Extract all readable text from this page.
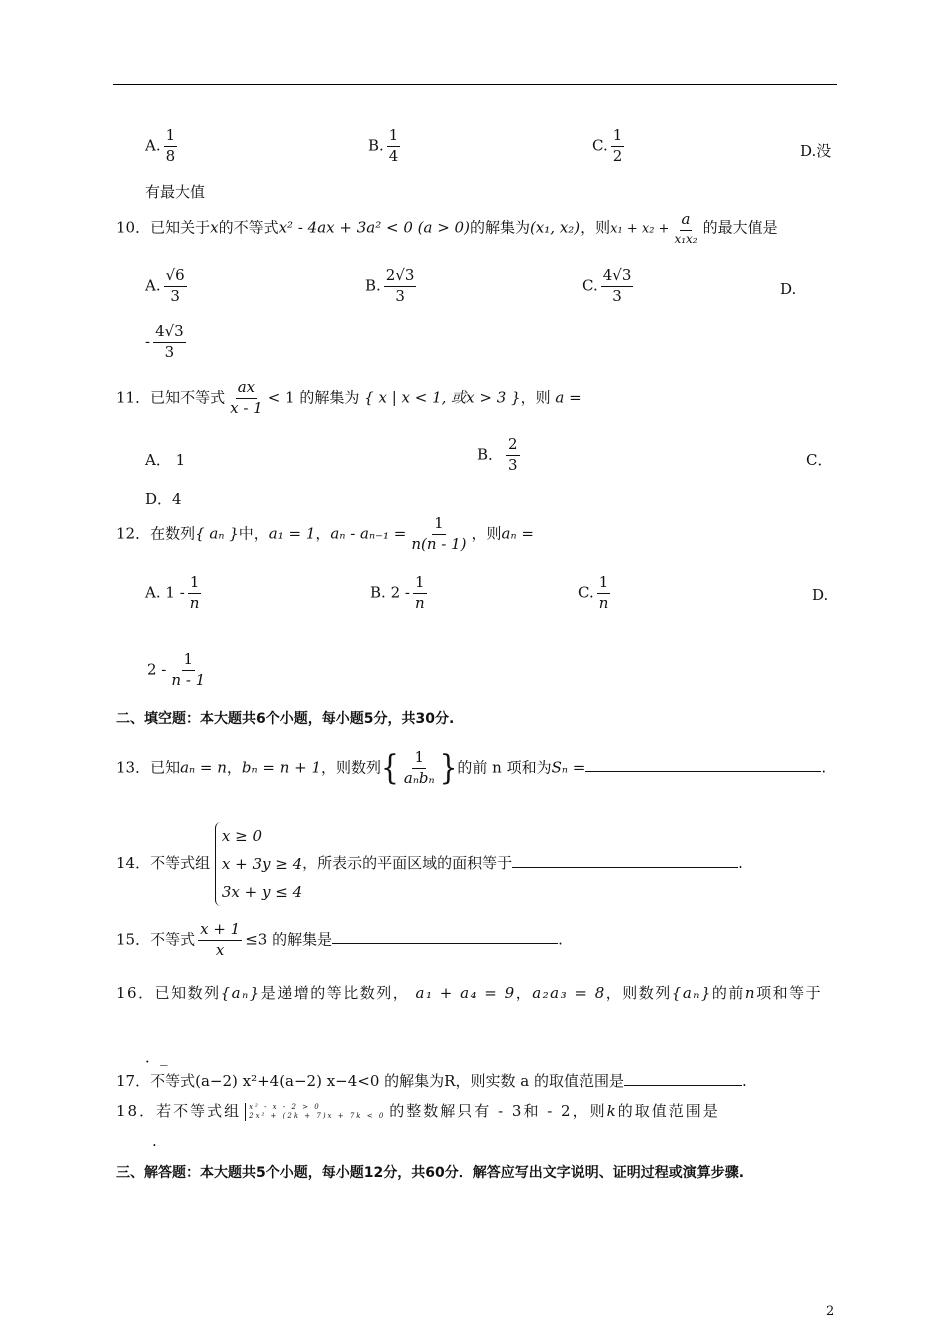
A. $\frac{1}{8}$	B. $\frac{1}{4}$	C. $\frac{1}{2}$	D.没
有最大值
10．已知关于x的不等式x² - 4ax + 3a² < 0 (a > 0)的解集为(x₁, x₂)，则$x_1 + x_2 + \frac{a}{\text{x₁x₂}}$ 的最大值是
A. $\frac{√6}{3}$	B. $\frac{2√3}{3}$	C. $\frac{4√3}{3}$	D.
- $\frac{4√3}{3}$
11．已知不等式 $\frac{ax}{x - 1} < 1$ 的解集为 { x | x < 1, 或x > 3 }，则 a =
A． 1	B． $\frac{2}{3}$	C．
D．4
12．在数列{ aₙ }中，a₁ = 1，$a_n - a_{n-1} = \frac{1}{n(n - 1)}$ ，则aₙ =
A. $1 - \frac{1}{n}$	B. $2 - \frac{1}{n}$	C. $\frac{1}{n}$	D.
$2 - \frac{1}{n - 1}$
二、填空题：本大题共6个小题，每小题5分，共30分.
13．已知aₙ = n，bₙ = n + 1，则数列{ $\frac{1}{\text{aₙbₙ}}$ }的前 n 项和为Sₙ =	.
14．不等式组 x ≥ 0
x + 3y ≥ 4
3x + y ≤ 4，所表示的平面区域的面积等于	.
15．不等式 $\frac{x + 1}{x} \le 3$ 的解集是	.
16．已知数列{aₙ}是递增的等比数列， a₁ + a₄ = 9，a₂a₃ = 8，则数列{aₙ}的前n项和等于
．_
17．不等式(a−2) x²+4(a−2) x−4<0 的解集为R，则实数 a 的取值范围是	.
18．若不等式组 x² - x - 2 > 0
2x² + (2k + 7)x + 7k < 0 的整数解只有 - 3和 - 2，则k的取值范围是
.
三、解答题：本大题共5个小题，每小题12分，共60分．解答应写出文字说明、证明过程或演算步骤.
2
